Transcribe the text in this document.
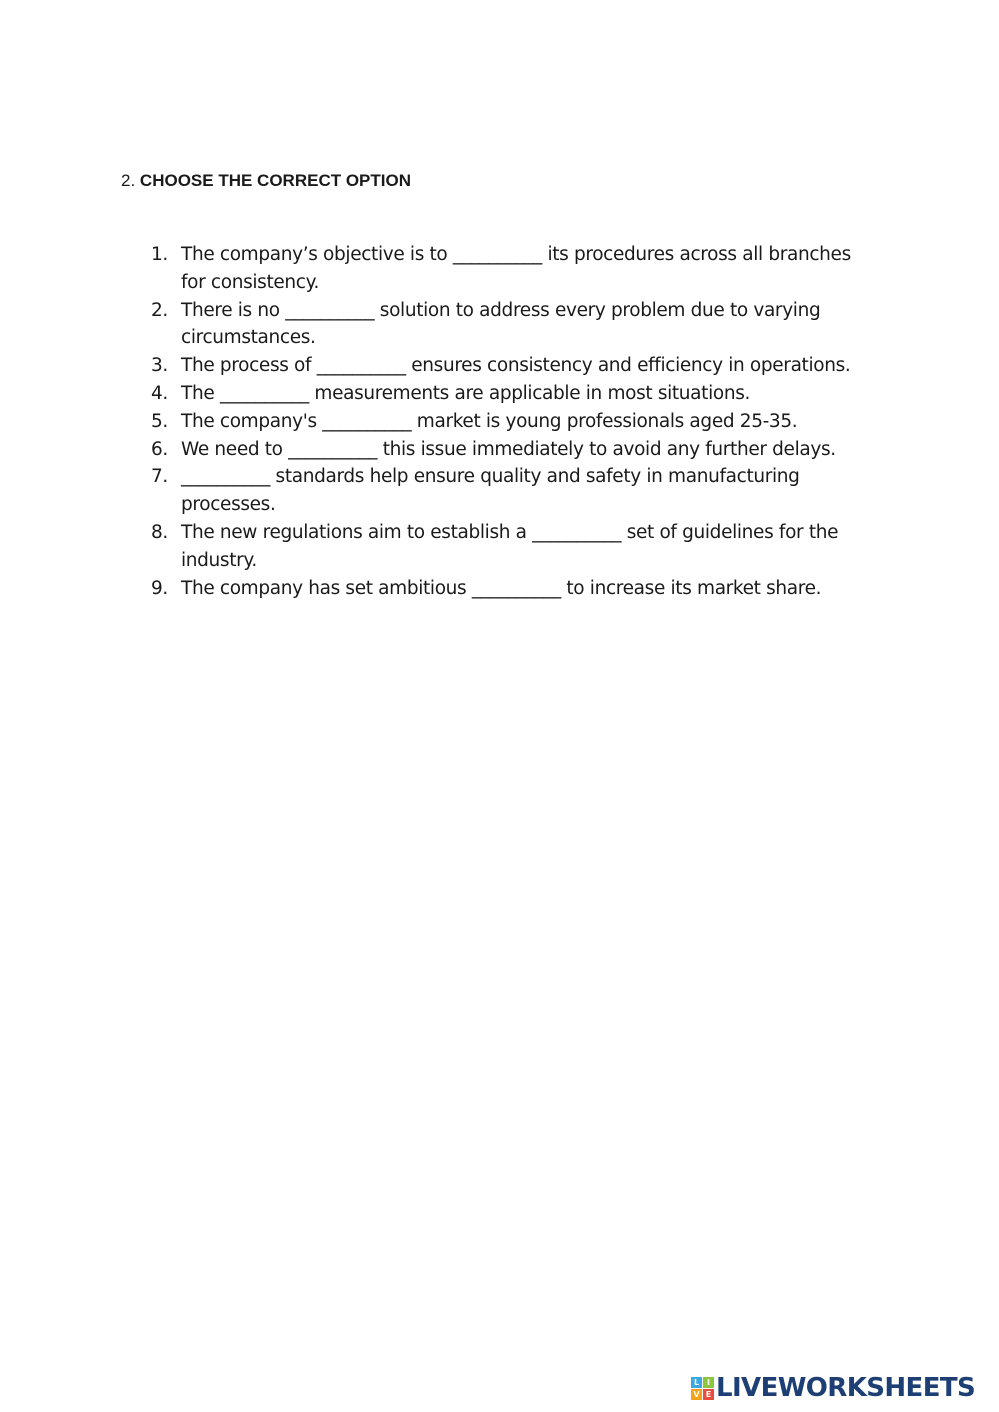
2. CHOOSE THE CORRECT OPTION
1. The company’s objective is to __________ its procedures across all branches for consistency.
2. There is no __________ solution to address every problem due to varying circumstances.
3. The process of __________ ensures consistency and efficiency in operations.
4. The __________ measurements are applicable in most situations.
5. The company's __________ market is young professionals aged 25-35.
6. We need to __________ this issue immediately to avoid any further delays.
7. __________ standards help ensure quality and safety in manufacturing processes.
8. The new regulations aim to establish a __________ set of guidelines for the industry.
9. The company has set ambitious __________ to increase its market share.
L I
V E LIVEWORKSHEETS
